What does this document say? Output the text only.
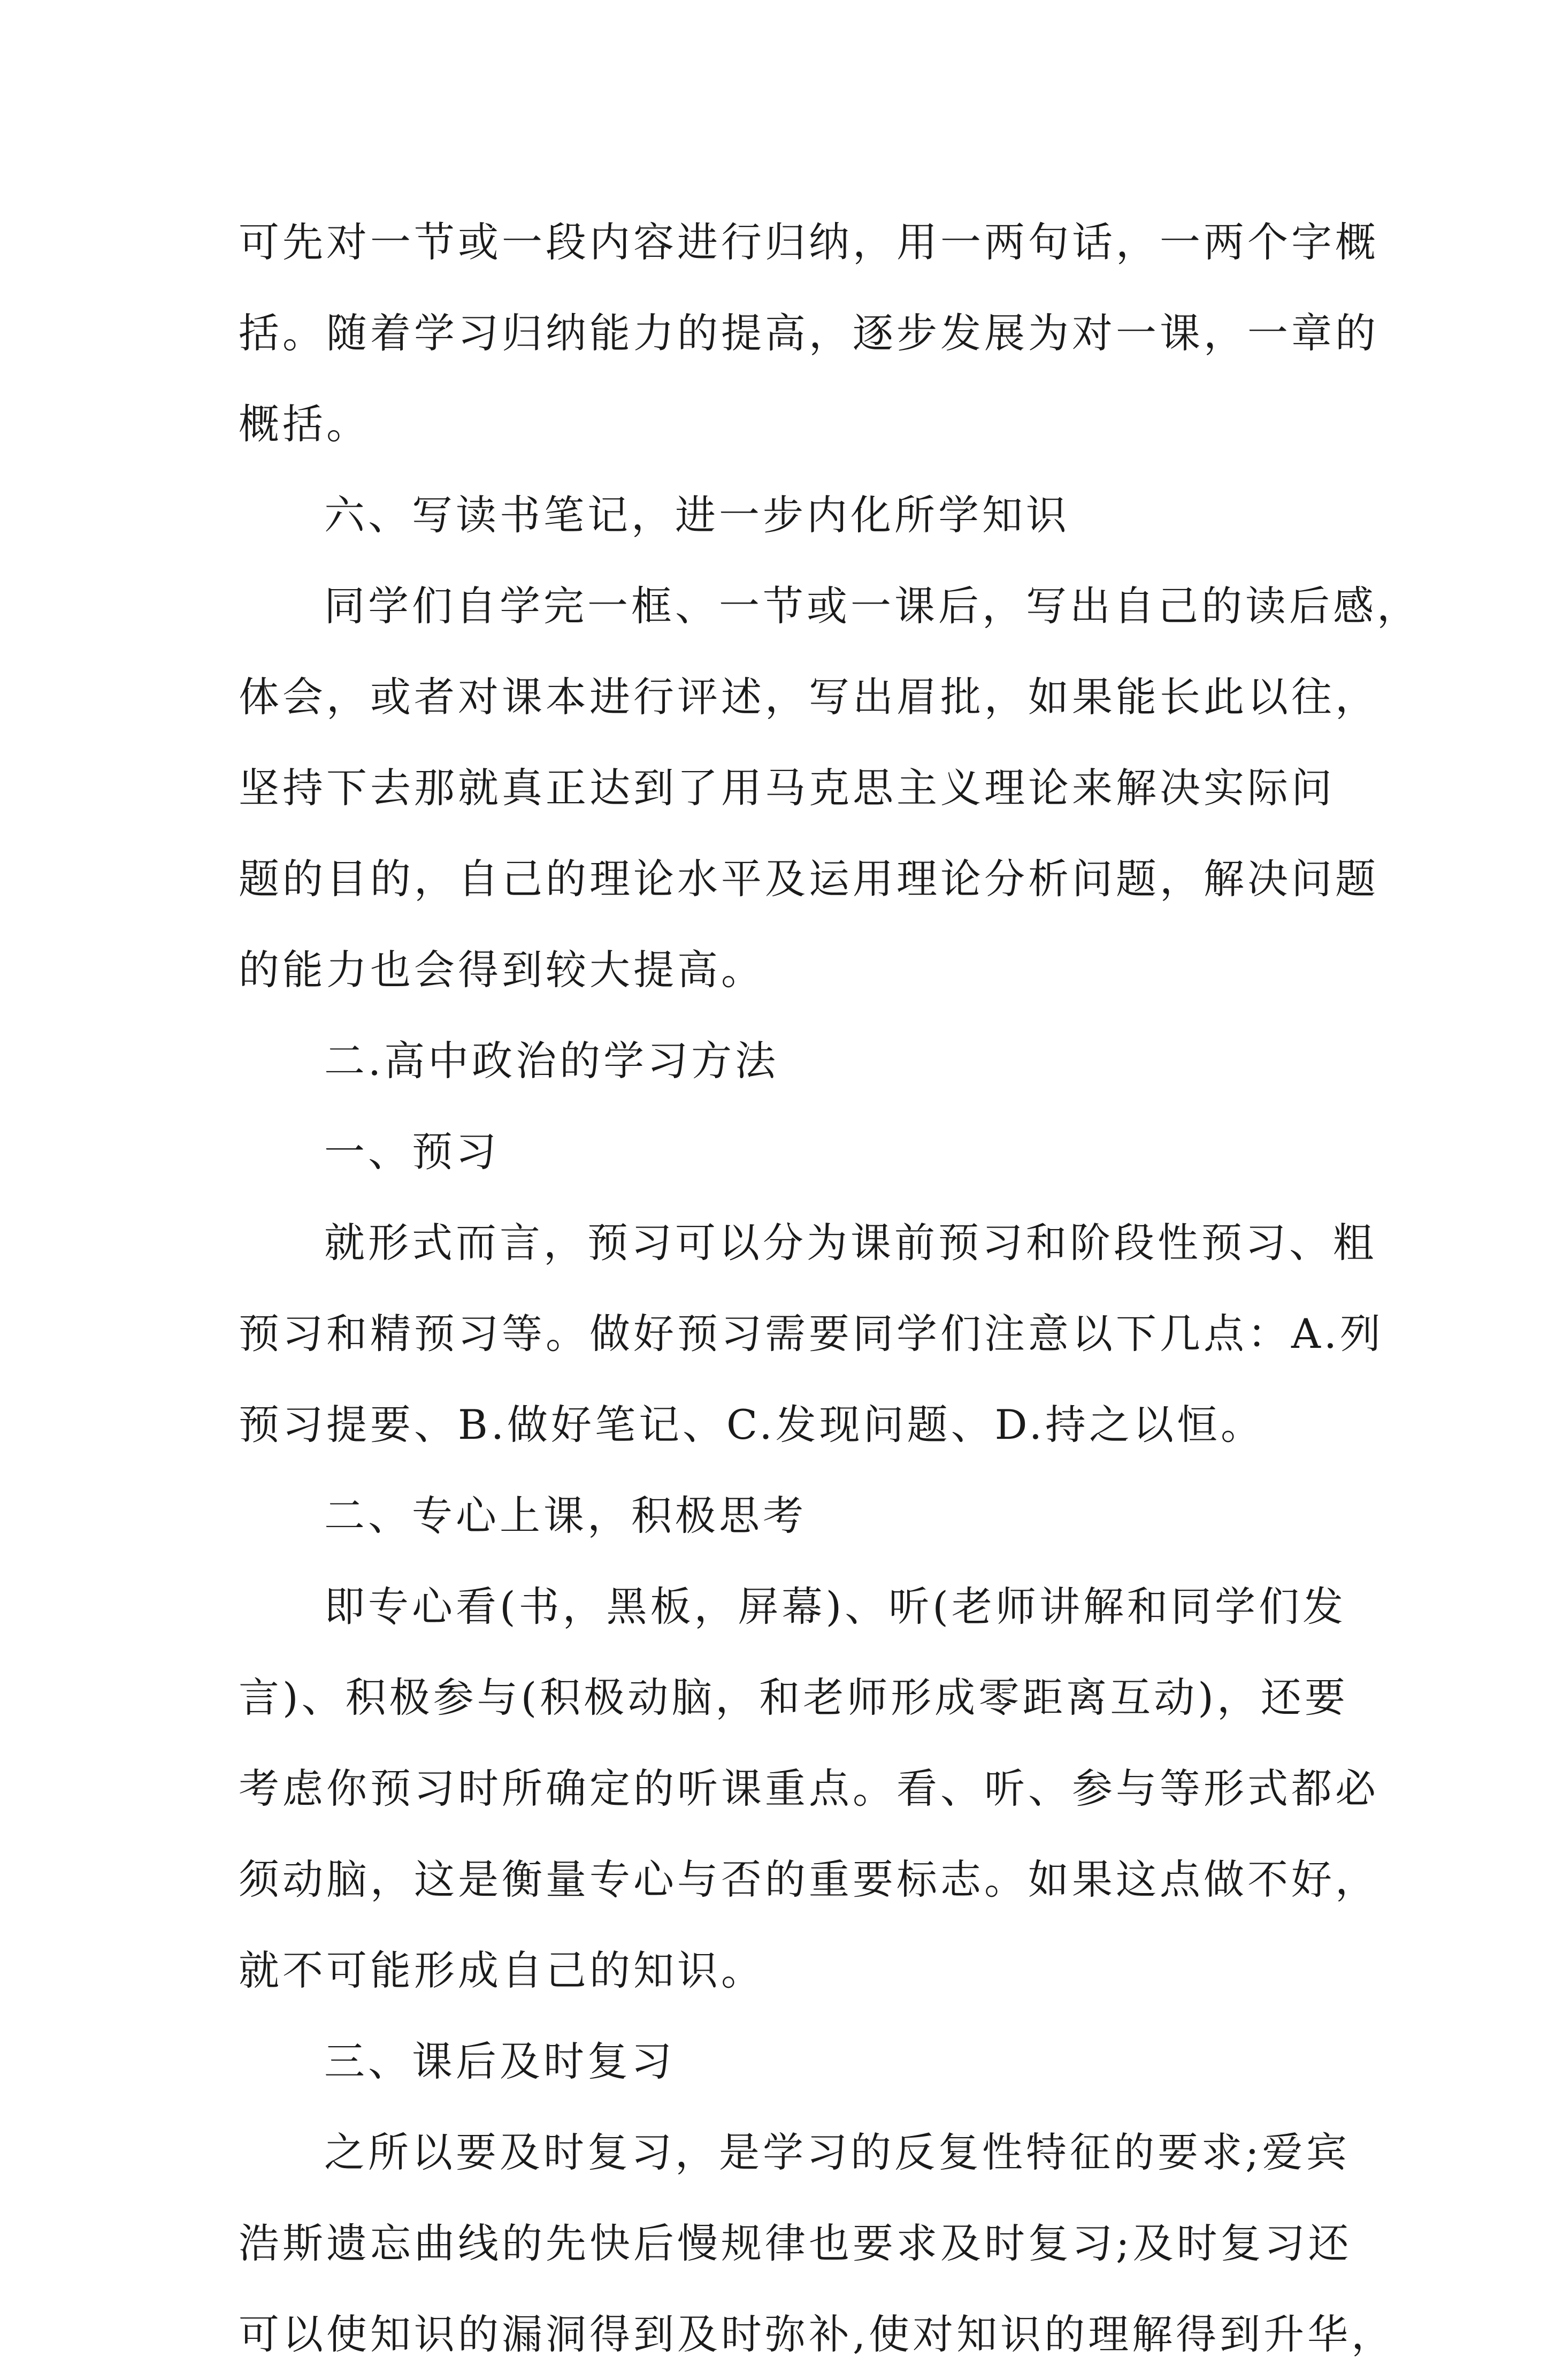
可先对一节或一段内容进行归纳，用一两句话，一两个字概
括。随着学习归纳能力的提高，逐步发展为对一课，一章的
概括。
六、写读书笔记，进一步内化所学知识
同学们自学完一框、一节或一课后，写出自己的读后感，
体会，或者对课本进行评述，写出眉批，如果能长此以往，
坚持下去那就真正达到了用马克思主义理论来解决实际问
题的目的，自己的理论水平及运用理论分析问题，解决问题
的能力也会得到较大提高。
二.高中政治的学习方法
一、预习
就形式而言，预习可以分为课前预习和阶段性预习、粗
预习和精预习等。做好预习需要同学们注意以下几点：A.列
预习提要、B.做好笔记、C.发现问题、D.持之以恒。
二、专心上课，积极思考
即专心看(书，黑板，屏幕)、听(老师讲解和同学们发
言)、积极参与(积极动脑，和老师形成零距离互动)，还要
考虑你预习时所确定的听课重点。看、听、参与等形式都必
须动脑，这是衡量专心与否的重要标志。如果这点做不好，
就不可能形成自己的知识。
三、课后及时复习
之所以要及时复习，是学习的反复性特征的要求;爱宾
浩斯遗忘曲线的先快后慢规律也要求及时复习;及时复习还
可以使知识的漏洞得到及时弥补,使对知识的理解得到升华，
